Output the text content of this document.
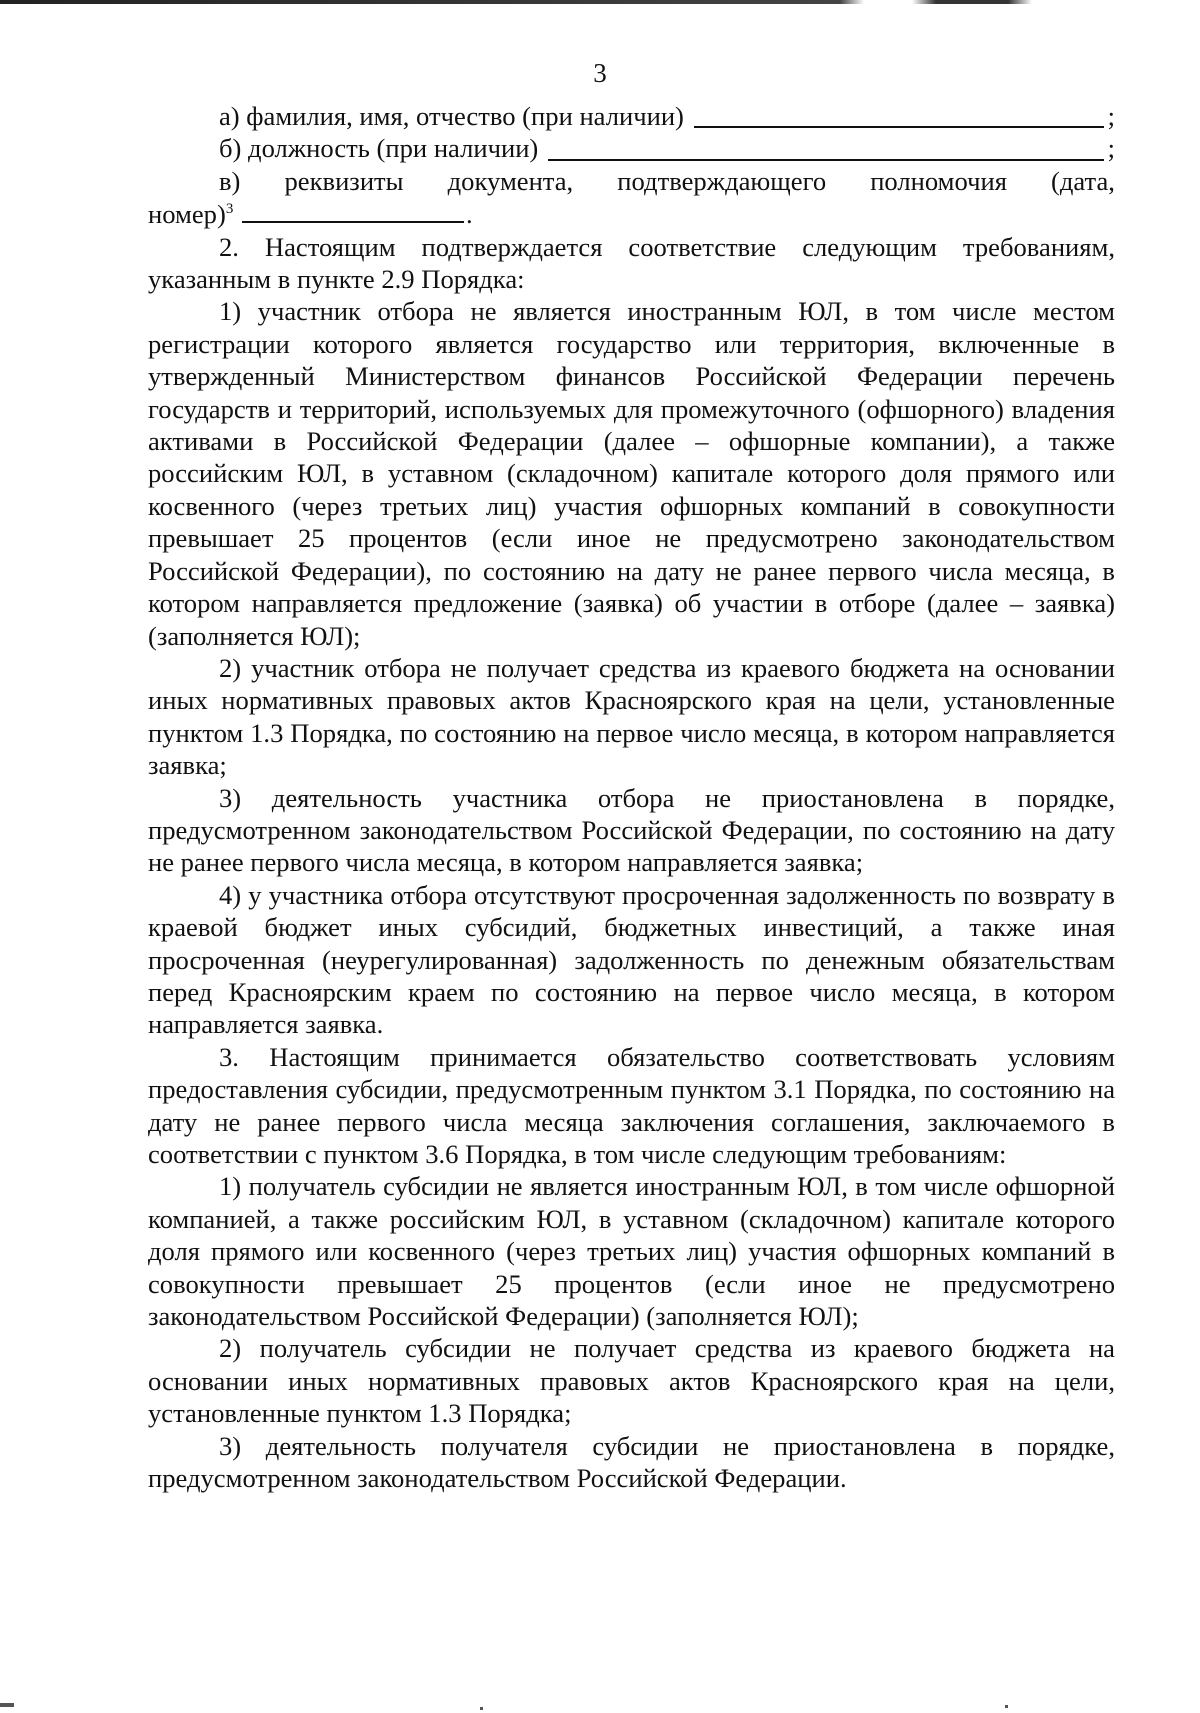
3
а) фамилия, имя, отчество (при наличии)	;
б) должность (при наличии)	;
в) реквизиты документа, подтверждающего полномочия (дата,
номер)$^3$	.

2. Настоящим подтверждается соответствие следующим требованиям, указанным в пункте 2.9 Порядка:

1) участник отбора не является иностранным ЮЛ, в том числе местом регистрации которого является государство или территория, включенные в утвержденный Министерством финансов Российской Федерации перечень государств и территорий, используемых для промежуточного (офшорного) владения активами в Российской Федерации (далее – офшорные компании), а также российским ЮЛ, в уставном (складочном) капитале которого доля прямого или косвенного (через третьих лиц) участия офшорных компаний в совокупности превышает 25 процентов (если иное не предусмотрено законодательством Российской Федерации), по состоянию на дату не ранее первого числа месяца, в котором направляется предложение (заявка) об участии в отборе (далее – заявка) (заполняется ЮЛ);

2) участник отбора не получает средства из краевого бюджета на основании иных нормативных правовых актов Красноярского края на цели, установленные пунктом 1.3 Порядка, по состоянию на первое число месяца, в котором направляется заявка;

3) деятельность участника отбора не приостановлена в порядке, предусмотренном законодательством Российской Федерации, по состоянию на дату не ранее первого числа месяца, в котором направляется заявка;

4) у участника отбора отсутствуют просроченная задолженность по возврату в краевой бюджет иных субсидий, бюджетных инвестиций, а также иная просроченная (неурегулированная) задолженность по денежным обязательствам перед Красноярским краем по состоянию на первое число месяца, в котором направляется заявка.

3. Настоящим принимается обязательство соответствовать условиям предоставления субсидии, предусмотренным пунктом 3.1 Порядка, по состоянию на дату не ранее первого числа месяца заключения соглашения, заключаемого в соответствии с пунктом 3.6 Порядка, в том числе следующим требованиям:

1) получатель субсидии не является иностранным ЮЛ, в том числе офшорной компанией, а также российским ЮЛ, в уставном (складочном) капитале которого доля прямого или косвенного (через третьих лиц) участия офшорных компаний в совокупности превышает 25 процентов (если иное не предусмотрено законодательством Российской Федерации) (заполняется ЮЛ);

2) получатель субсидии не получает средства из краевого бюджета на основании иных нормативных правовых актов Красноярского края на цели, установленные пунктом 1.3 Порядка;

3) деятельность получателя субсидии не приостановлена в порядке, предусмотренном законодательством Российской Федерации.
